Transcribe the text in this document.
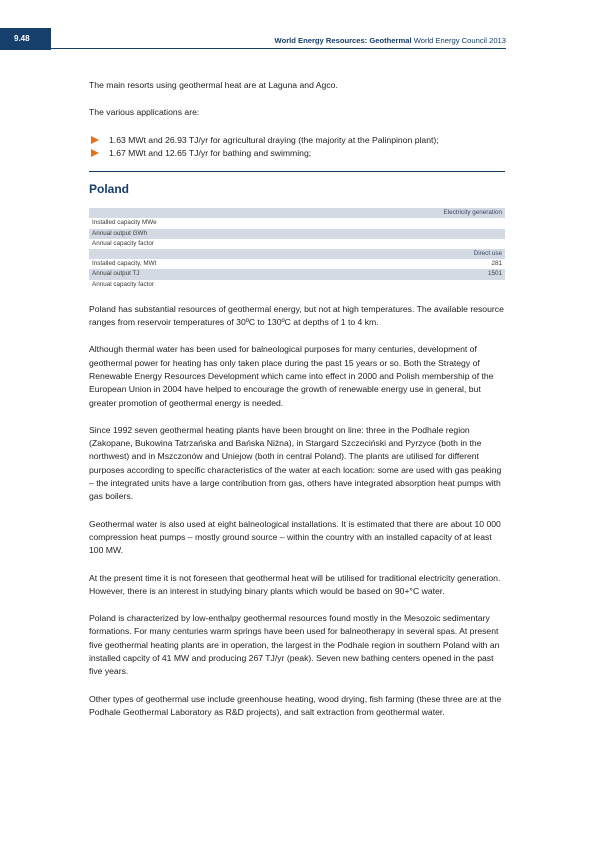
9.48	World Energy Resources: Geothermal World Energy Council 2013

The main resorts using geothermal heat are at Laguna and Agco.

The various applications are:

1.63 MWt and 26.93 TJ/yr for agricultural draying (the majority at the Palinpinon plant);
1.67 MWt and 12.65 TJ/yr for bathing and swimming;
Poland
Electricity generation	
Installed capacity MWe	
Annual output GWh	
Annual capacity factor	
Direct use	
Installed capacity, MWt	281
Annual output TJ	1501
Annual capacity factor	

Poland has substantial resources of geothermal energy, but not at high temperatures. The available resource ranges from reservoir temperatures of 30ºC to 130ºC at depths of 1 to 4 km.

Although thermal water has been used for balneological purposes for many centuries, development of geothermal power for heating has only taken place during the past 15 years or so. Both the Strategy of Renewable Energy Resources Development which came into effect in 2000 and Polish membership of the European Union in 2004 have helped to encourage the growth of renewable energy use in general, but greater promotion of geothermal energy is needed.

Since 1992 seven geothermal heating plants have been brought on line: three in the Podhale region (Zakopane, Bukowina Tatrzańska and Bańska Niżna), in Stargard Szczeciński and Pyrzyce (both in the northwest) and in Mszczonów and Uniejow (both in central Poland). The plants are utilised for different purposes according to specific characteristics of the water at each location: some are used with gas peaking – the integrated units have a large contribution from gas, others have integrated absorption heat pumps with gas boilers.

Geothermal water is also used at eight balneological installations. It is estimated that there are about 10 000 compression heat pumps – mostly ground source – within the country with an installed capacity of at least 100 MW.

At the present time it is not foreseen that geothermal heat will be utilised for traditional electricity generation. However, there is an interest in studying binary plants which would be based on 90+°C water.

Poland is characterized by low-enthalpy geothermal resources found mostly in the Mesozoic sedimentary formations. For many centuries warm springs have been used for balneotherapy in several spas. At present five geothermal heating plants are in operation, the largest in the Podhale region in southern Poland with an installed capcity of 41 MW and producing 267 TJ/yr (peak). Seven new bathing centers opened in the past five years.

Other types of geothermal use include greenhouse heating, wood drying, fish farming (these three are at the Podhale Geothermal Laboratory as R&D projects), and salt extraction from geothermal water.
